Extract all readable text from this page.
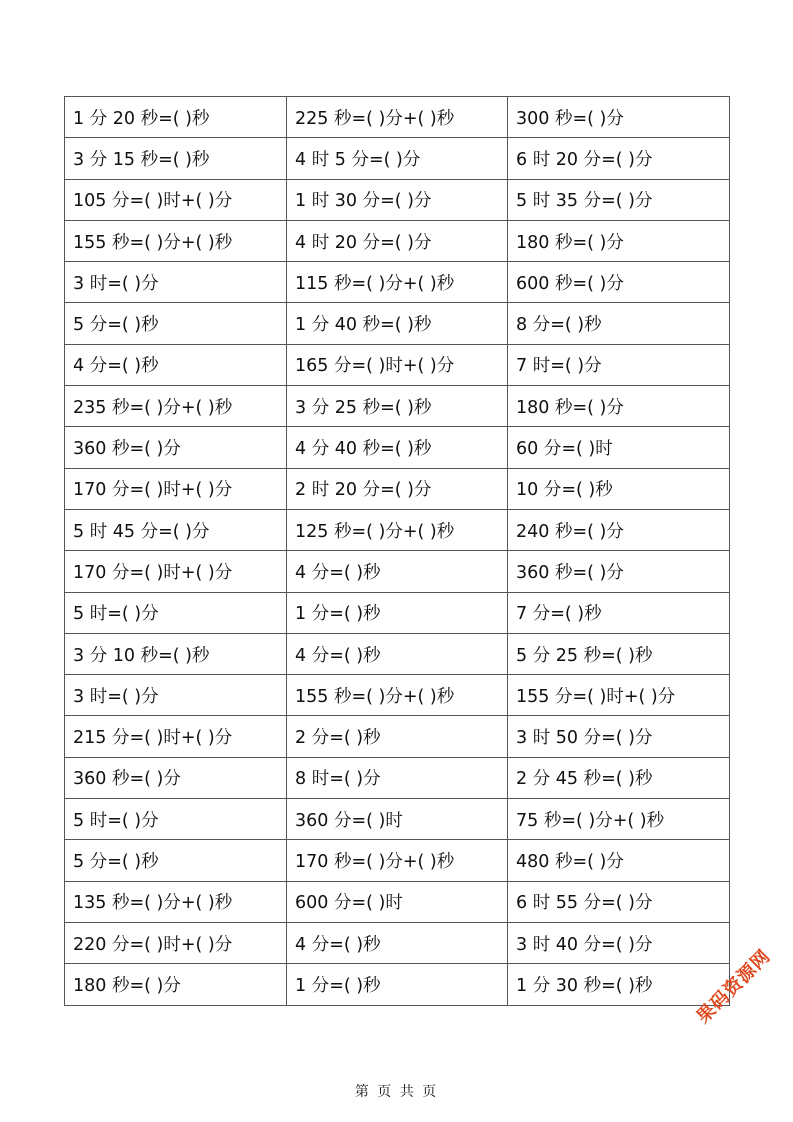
1 分 20 秒=( )秒	225 秒=( )分+( )秒	300 秒=( )分
3 分 15 秒=( )秒	4 时 5 分=( )分	6 时 20 分=( )分
105 分=( )时+( )分	1 时 30 分=( )分	5 时 35 分=( )分
155 秒=( )分+( )秒	4 时 20 分=( )分	180 秒=( )分
3 时=( )分	115 秒=( )分+( )秒	600 秒=( )分
5 分=( )秒	1 分 40 秒=( )秒	8 分=( )秒
4 分=( )秒	165 分=( )时+( )分	7 时=( )分
235 秒=( )分+( )秒	3 分 25 秒=( )秒	180 秒=( )分
360 秒=( )分	4 分 40 秒=( )秒	60 分=( )时
170 分=( )时+( )分	2 时 20 分=( )分	10 分=( )秒
5 时 45 分=( )分	125 秒=( )分+( )秒	240 秒=( )分
170 分=( )时+( )分	4 分=( )秒	360 秒=( )分
5 时=( )分	1 分=( )秒	7 分=( )秒
3 分 10 秒=( )秒	4 分=( )秒	5 分 25 秒=( )秒
3 时=( )分	155 秒=( )分+( )秒	155 分=( )时+( )分
215 分=( )时+( )分	2 分=( )秒	3 时 50 分=( )分
360 秒=( )分	8 时=( )分	2 分 45 秒=( )秒
5 时=( )分	360 分=( )时	75 秒=( )分+( )秒
5 分=( )秒	170 秒=( )分+( )秒	480 秒=( )分
135 秒=( )分+( )秒	600 分=( )时	6 时 55 分=( )分
220 分=( )时+( )分	4 分=( )秒	3 时 40 分=( )分
180 秒=( )分	1 分=( )秒	1 分 30 秒=( )秒
第 页 共 页
果码资源网
